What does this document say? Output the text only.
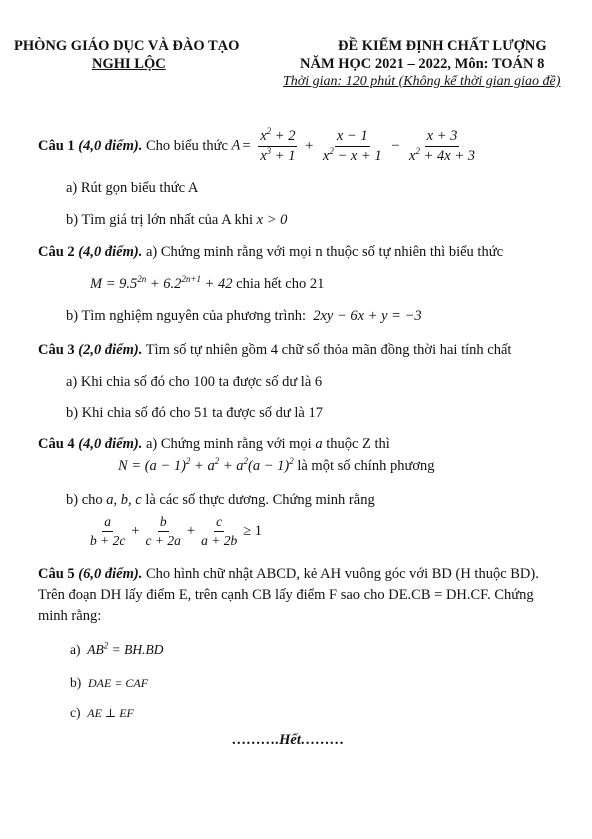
PHÒNG GIÁO DỤC VÀ ĐÀO TẠO
NGHI LỘC
ĐỀ KIỂM ĐỊNH CHẤT LƯỢNG
NĂM HỌC 2021 – 2022, Môn: TOÁN 8
Thời gian: 120 phút (Không kể thời gian giao đề)
Câu 1
(4,0 điểm).
Cho biểu thức
$A = \frac{x^2 + 2}{x^3 + 1} + \frac{x - 1}{x^2 - x + 1} - \frac{x + 3}{x^2 + 4x + 3}$
a) Rút gọn biểu thức A
b) Tìm giá trị lớn nhất của A khi x > 0
Câu 2 (4,0 điểm). a) Chứng minh rằng với mọi n thuộc số tự nhiên thì biểu thức
$M = 9.5^{2n} + 6.2^{2n+1} + 42$ chia hết cho 21
b) Tìm nghiệm nguyên của phương trình: 2xy − 6x + y = −3
Câu 3 (2,0 điểm). Tìm số tự nhiên gồm 4 chữ số thỏa mãn đồng thời hai tính chất
a) Khi chia số đó cho 100 ta được số dư là 6
b) Khi chia số đó cho 51 ta được số dư là 17
Câu 4 (4,0 điểm). a) Chứng minh rằng với mọi a thuộc Z thì
$N = (a - 1)^2 + a^2 + a^2(a - 1)^2$ là một số chính phương
b) cho a, b, c là các số thực dương. Chứng minh rằng
$\frac{a}{b + 2c} + \frac{b}{c + 2a} + \frac{c}{a + 2b} \ge 1$
Câu 5 (6,0 điểm). Cho hình chữ nhật ABCD, kẻ AH vuông góc với BD (H thuộc BD).
Trên đoạn DH lấy điểm E, trên cạnh CB lấy điểm F sao cho DE.CB = DH.CF. Chứng
minh rằng:
a) $AB^2 = BH.BD$
b) DAE = CAF
c) AE ⊥ EF
……….Hết………
